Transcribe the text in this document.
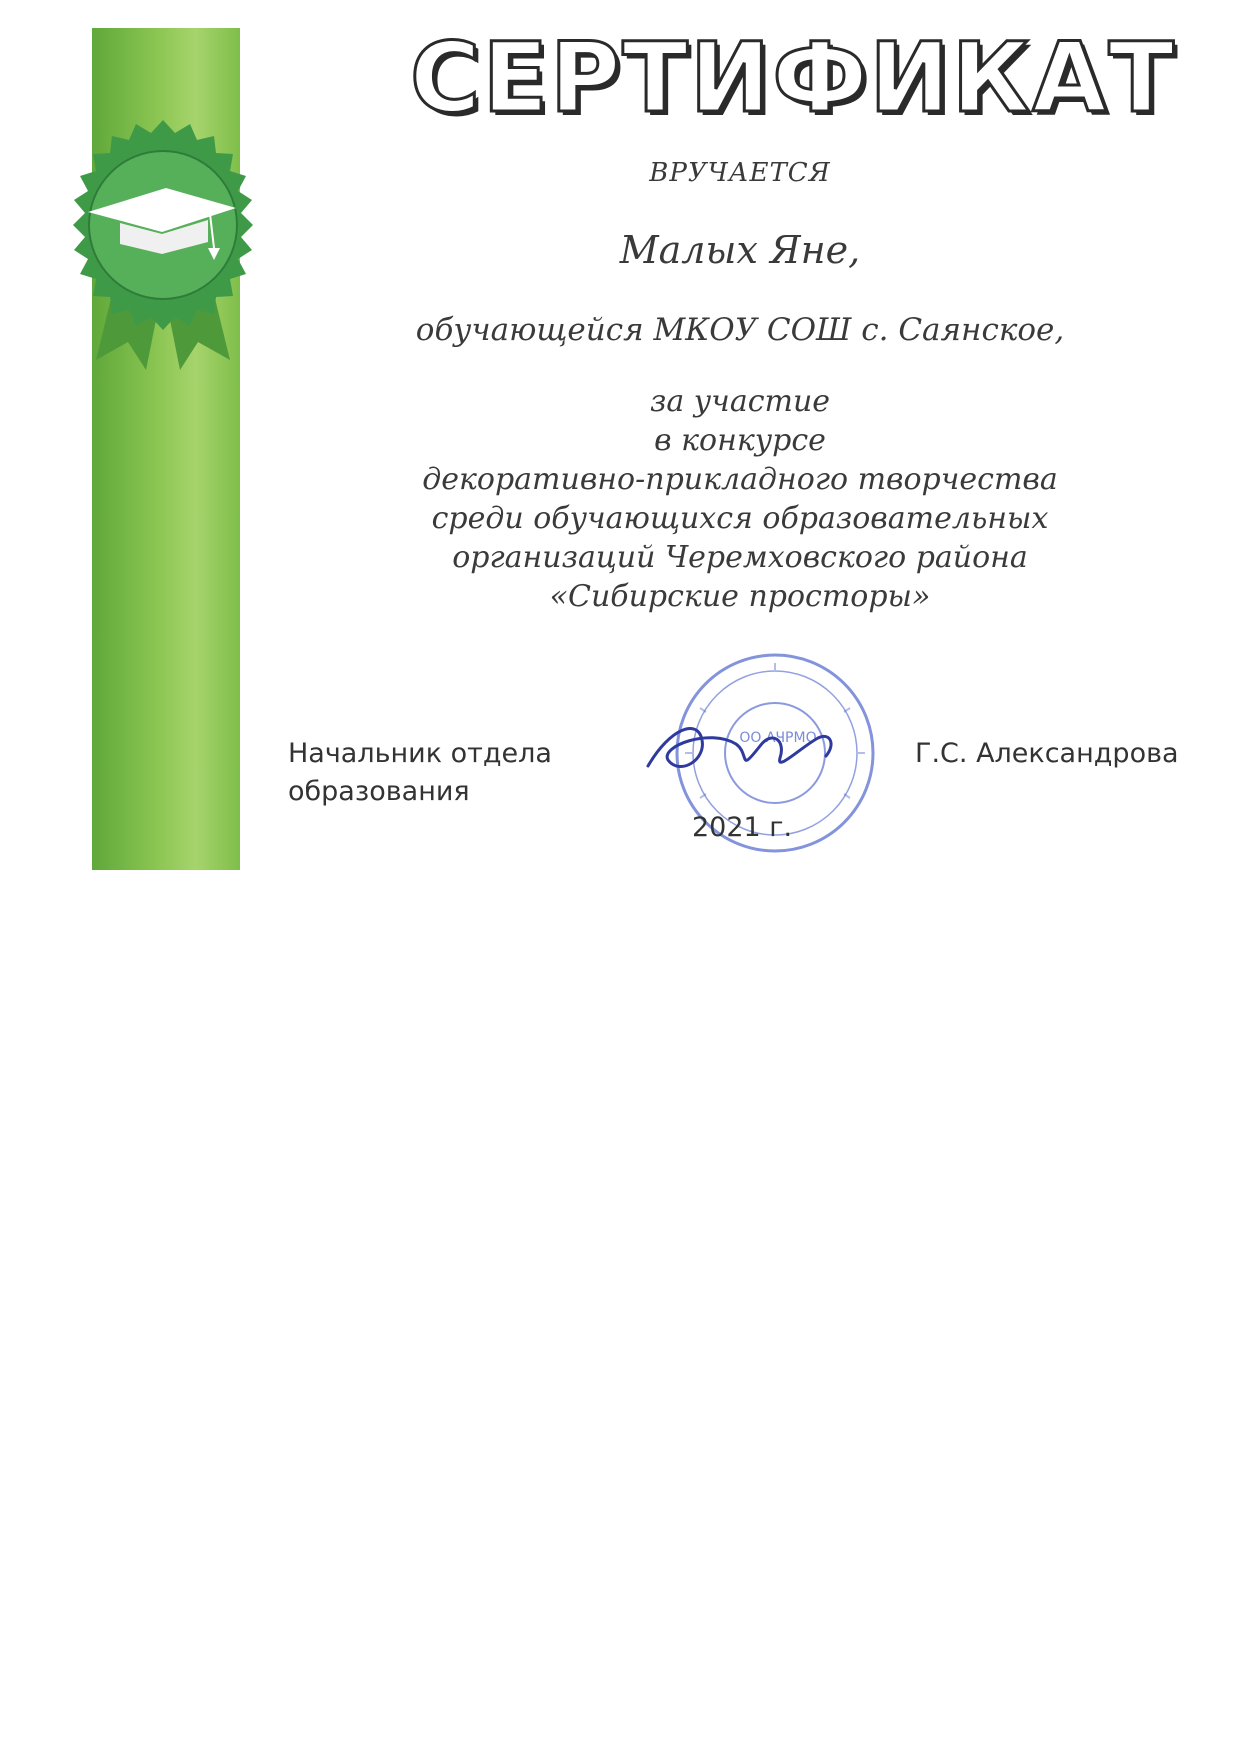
СЕРТИФИКАТ
ВРУЧАЕТСЯ
Малых Яне,
обучающейся МКОУ СОШ с. Саянское,
за участие
в конкурсе
декоративно-прикладного творчества
среди обучающихся образовательных
организаций Черемховского района
«Сибирские просторы»
ОО АЧРМО
Начальник отдела
образования
Г.С. Александрова
2021 г.
